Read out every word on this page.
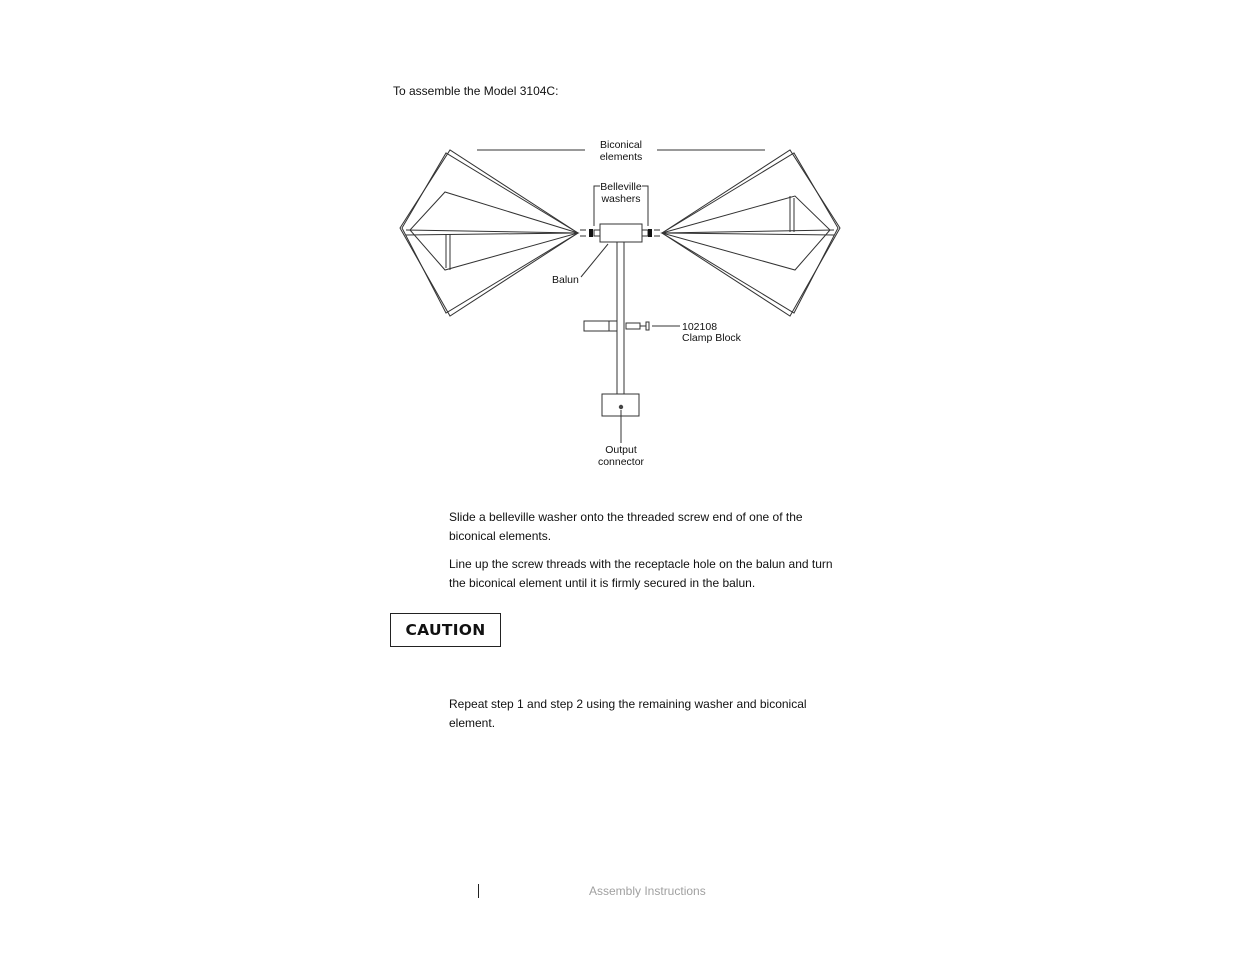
To assemble the Model 3104C:

Biconical
elements
Belleville
washers
Balun
102108
Clamp Block
Output
connector

Slide a belleville washer onto the threaded screw end of one of the biconical elements.

Line up the screw threads with the receptacle hole on the balun and turn the biconical element until it is firmly secured in the balun.

CAUTION

Repeat step 1 and step 2 using the remaining washer and biconical element.

Assembly Instructions
